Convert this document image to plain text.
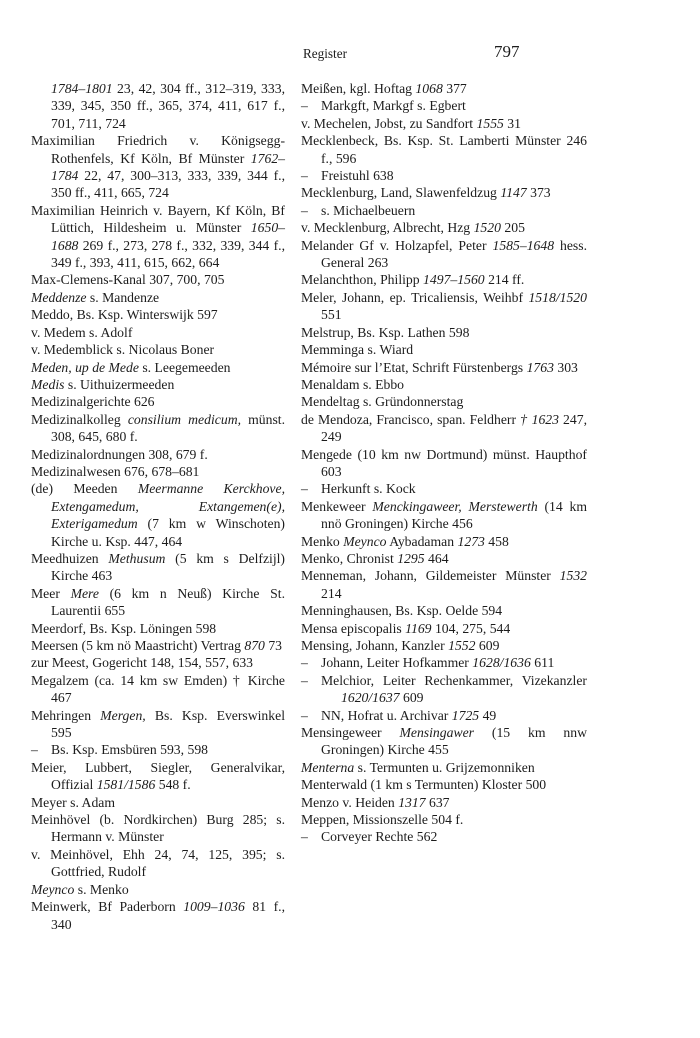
Register	797
1784–1801 23, 42, 304 ff., 312–319, 333, 339, 345, 350 ff., 365, 374, 411, 617 f., 701, 711, 724
Maximilian Friedrich v. Königsegg-Rothenfels, Kf Köln, Bf Münster 1762–1784 22, 47, 300–313, 333, 339, 344 f., 350 ff., 411, 665, 724
Maximilian Heinrich v. Bayern, Kf Köln, Bf Lüttich, Hildesheim u. Münster 1650–1688 269 f., 273, 278 f., 332, 339, 344 f., 349 f., 393, 411, 615, 662, 664
Max-Clemens-Kanal 307, 700, 705
Meddenze s. Mandenze
Meddo, Bs. Ksp. Winterswijk 597
v. Medem s. Adolf
v. Medemblick s. Nicolaus Boner
Meden, up de Mede s. Leegemeeden
Medis s. Uithuizermeeden
Medizinalgerichte 626
Medizinalkolleg consilium medicum, münst. 308, 645, 680 f.
Medizinalordnungen 308, 679 f.
Medizinalwesen 676, 678–681
(de) Meeden Meermanne Kerckhove, Extengamedum, Extangemen(e), Exterigamedum (7 km w Winschoten) Kirche u. Ksp. 447, 464
Meedhuizen Methusum (5 km s Delfzijl) Kirche 463
Meer Mere (6 km n Neuß) Kirche St. Laurentii 655
Meerdorf, Bs. Ksp. Löningen 598
Meersen (5 km nö Maastricht) Vertrag 870 73
zur Meest, Gogericht 148, 154, 557, 633
Megalzem (ca. 14 km sw Emden) † Kirche 467
Mehringen Mergen, Bs. Ksp. Everswinkel 595
– Bs. Ksp. Emsbüren 593, 598
Meier, Lubbert, Siegler, Generalvikar, Offizial 1581/1586 548 f.
Meyer s. Adam
Meinhövel (b. Nordkirchen) Burg 285; s. Hermann v. Münster
v. Meinhövel, Ehh 24, 74, 125, 395; s. Gottfried, Rudolf
Meynco s. Menko
Meinwerk, Bf Paderborn 1009–1036 81 f., 340
Meißen, kgl. Hoftag 1068 377
– Markgft, Markgf s. Egbert
v. Mechelen, Jobst, zu Sandfort 1555 31
Mecklenbeck, Bs. Ksp. St. Lamberti Münster 246 f., 596
– Freistuhl 638
Mecklenburg, Land, Slawenfeldzug 1147 373
– s. Michaelbeuern
v. Mecklenburg, Albrecht, Hzg 1520 205
Melander Gf v. Holzapfel, Peter 1585–1648 hess. General 263
Melanchthon, Philipp 1497–1560 214 ff.
Meler, Johann, ep. Tricaliensis, Weihbf 1518/1520 551
Melstrup, Bs. Ksp. Lathen 598
Memminga s. Wiard
Mémoire sur l’Etat, Schrift Fürstenbergs 1763 303
Menaldam s. Ebbo
Mendeltag s. Gründonnerstag
de Mendoza, Francisco, span. Feldherr † 1623 247, 249
Mengede (10 km nw Dortmund) münst. Haupthof 603
– Herkunft s. Kock
Menkeweer Menckingaweer, Merstewerth (14 km nnö Groningen) Kirche 456
Menko Meynco Aybadaman 1273 458
Menko, Chronist 1295 464
Menneman, Johann, Gildemeister Münster 1532 214
Menninghausen, Bs. Ksp. Oelde 594
Mensa episcopalis 1169 104, 275, 544
Mensing, Johann, Kanzler 1552 609
– Johann, Leiter Hofkammer 1628/1636 611
– Melchior, Leiter Rechenkammer, Vizekanzler 1620/1637 609
– NN, Hofrat u. Archivar 1725 49
Mensingeweer Mensingawer (15 km nnw Groningen) Kirche 455
Menterna s. Termunten u. Grijzemonniken
Menterwald (1 km s Termunten) Kloster 500
Menzo v. Heiden 1317 637
Meppen, Missionszelle 504 f.
– Corveyer Rechte 562
